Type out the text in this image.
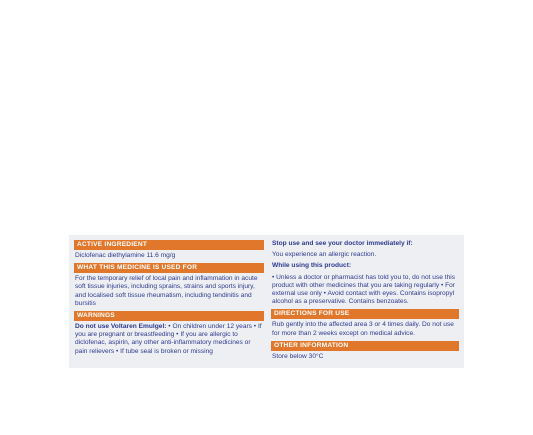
ACTIVE INGREDIENT
Diclofenac diethylamine 11.6 mg/g
WHAT THIS MEDICINE IS USED FOR
For the temporary relief of local pain and inflammation in acute soft tissue injuries, including sprains, strains and sports injury, and localised soft tissue rheumatism, including tendinitis and bursitis
WARNINGS
Do not use Voltaren Emulgel: • On children under 12 years • If you are pregnant or breastfeeding • If you are allergic to diclofenac, aspirin, any other anti-inflammatory medicines or pain relievers • If tube seal is broken or missing
Stop use and see your doctor immediately if:
You experience an allergic reaction.
While using this product:
• Unless a doctor or pharmacist has told you to, do not use this product with other medicines that you are taking regularly • For external use only • Avoid contact with eyes. Contains isopropyl alcohol as a preservative. Contains benzoates.
DIRECTIONS FOR USE
Rub gently into the affected area 3 or 4 times daily. Do not use for more than 2 weeks except on medical advice.
OTHER INFORMATION
Store below 30°C
